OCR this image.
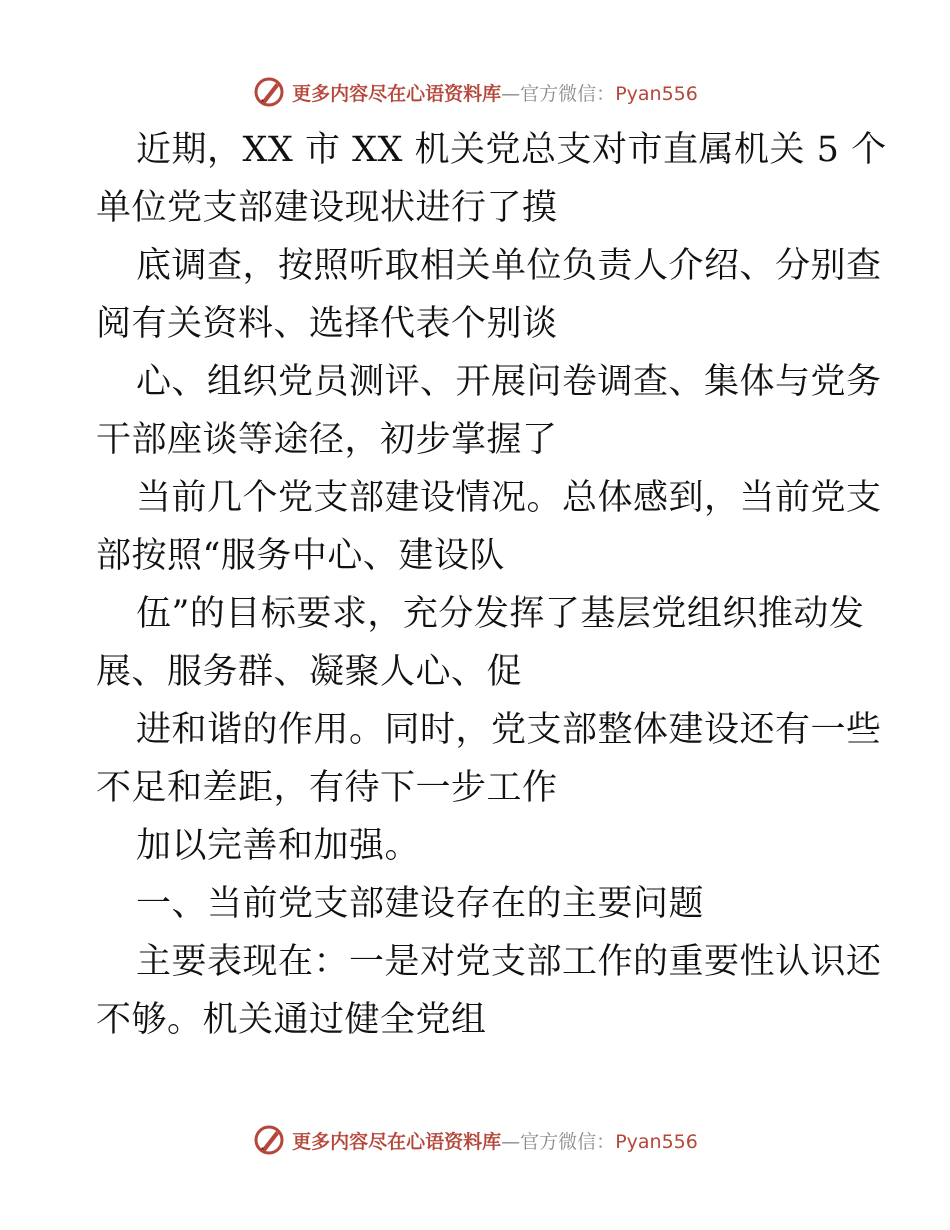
更多内容尽在心语资料库—官方微信：Pyan556
近期，XX 市 XX 机关党总支对市直属机关 5 个
单位党支部建设现状进行了摸
底调查，按照听取相关单位负责人介绍、分别查
阅有关资料、选择代表个别谈
心、组织党员测评、开展问卷调查、集体与党务
干部座谈等途径，初步掌握了
当前几个党支部建设情况。总体感到，当前党支
部按照“服务中心、建设队
伍”的目标要求，充分发挥了基层党组织推动发
展、服务群、凝聚人心、促
进和谐的作用。同时，党支部整体建设还有一些
不足和差距，有待下一步工作
加以完善和加强。
一、当前党支部建设存在的主要问题
主要表现在：一是对党支部工作的重要性认识还
不够。机关通过健全党组
更多内容尽在心语资料库—官方微信：Pyan556
